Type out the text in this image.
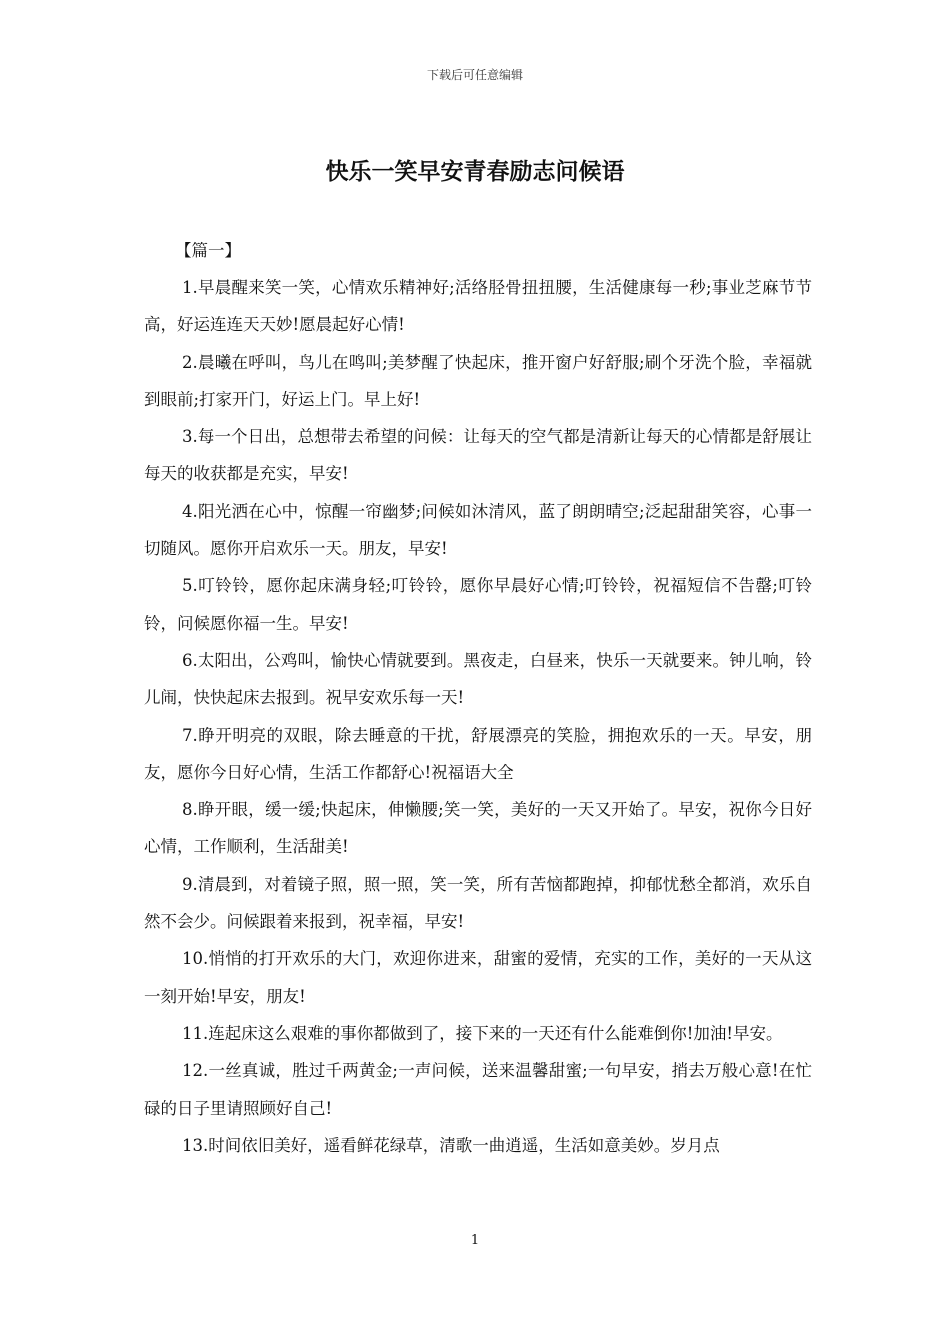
下载后可任意编辑
快乐一笑早安青春励志问候语

【篇一】

1.早晨醒来笑一笑，心情欢乐精神好;活络胫骨扭扭腰，生活健康每一秒;事业芝麻节节高，好运连连天天妙!愿晨起好心情!

2.晨曦在呼叫，鸟儿在鸣叫;美梦醒了快起床，推开窗户好舒服;刷个牙洗个脸，幸福就到眼前;打家开门，好运上门。早上好!

3.每一个日出，总想带去希望的问候：让每天的空气都是清新让每天的心情都是舒展让每天的收获都是充实，早安!

4.阳光洒在心中，惊醒一帘幽梦;问候如沐清风，蓝了朗朗晴空;泛起甜甜笑容，心事一切随风。愿你开启欢乐一天。朋友，早安!

5.叮铃铃，愿你起床满身轻;叮铃铃，愿你早晨好心情;叮铃铃，祝福短信不告罄;叮铃铃，问候愿你福一生。早安!

6.太阳出，公鸡叫，愉快心情就要到。黑夜走，白昼来，快乐一天就要来。钟儿响，铃儿闹，快快起床去报到。祝早安欢乐每一天!

7.睁开明亮的双眼，除去睡意的干扰，舒展漂亮的笑脸，拥抱欢乐的一天。早安，朋友，愿你今日好心情，生活工作都舒心!祝福语大全

8.睁开眼，缓一缓;快起床，伸懒腰;笑一笑，美好的一天又开始了。早安，祝你今日好心情，工作顺利，生活甜美!

9.清晨到，对着镜子照，照一照，笑一笑，所有苦恼都跑掉，抑郁忧愁全都消，欢乐自然不会少。问候跟着来报到，祝幸福，早安!

10.悄悄的打开欢乐的大门，欢迎你进来，甜蜜的爱情，充实的工作，美好的一天从这一刻开始!早安，朋友!

11.连起床这么艰难的事你都做到了，接下来的一天还有什么能难倒你!加油!早安。

12.一丝真诚，胜过千两黄金;一声问候，送来温馨甜蜜;一句早安，捎去万般心意!在忙碌的日子里请照顾好自己!

13.时间依旧美好，遥看鲜花绿草，清歌一曲逍遥，生活如意美妙。岁月点

1
